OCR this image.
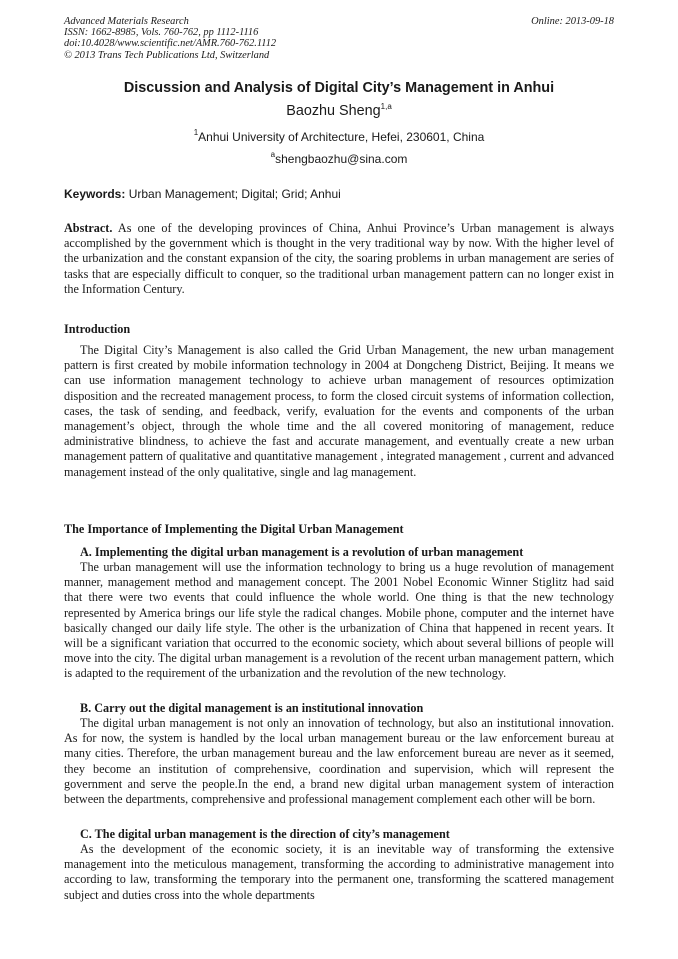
Advanced Materials Research
ISSN: 1662-8985, Vols. 760-762, pp 1112-1116
doi:10.4028/www.scientific.net/AMR.760-762.1112
© 2013 Trans Tech Publications Ltd, Switzerland
Online: 2013-09-18
Discussion and Analysis of Digital City’s Management in Anhui
Baozhu Sheng$^{1,a}$
$^1$Anhui University of Architecture, Hefei, 230601, China
$^a$shengbaozhu@sina.com
Keywords: Urban Management; Digital; Grid; Anhui

Abstract. As one of the developing provinces of China, Anhui Province’s Urban management is always accomplished by the government which is thought in the very traditional way by now. With the higher level of the urbanization and the constant expansion of the city, the soaring problems in urban management are series of tasks that are especially difficult to conquer, so the traditional urban management pattern can no longer exist in the Information Century.

Introduction

The Digital City’s Management is also called the Grid Urban Management, the new urban management pattern is first created by mobile information technology in 2004 at Dongcheng District, Beijing. It means we can use information management technology to achieve urban management of resources optimization disposition and the recreated management process, to form the closed circuit systems of information collection, cases, the task of sending, and feedback, verify, evaluation for the events and components of the urban management’s object, through the whole time and the all covered monitoring of management, reduce administrative blindness, to achieve the fast and accurate management, and eventually create a new urban management pattern of qualitative and quantitative management , integrated management , current and advanced management instead of the only qualitative, single and lag management.

The Importance of Implementing the Digital Urban Management
A. Implementing the digital urban management is a revolution of urban management

The urban management will use the information technology to bring us a huge revolution of management manner, management method and management concept. The 2001 Nobel Economic Winner Stiglitz had said that there were two events that could influence the whole world. One thing is that the new technology represented by America brings our life style the radical changes. Mobile phone, computer and the internet have basically changed our daily life style. The other is the urbanization of China that happened in recent years. It will be a significant variation that occurred to the economic society, which about several billions of people will move into the city. The digital urban management is a revolution of the recent urban management pattern, which is adapted to the requirement of the urbanization and the revolution of the new technology.

B. Carry out the digital management is an institutional innovation

The digital urban management is not only an innovation of technology, but also an institutional innovation. As for now, the system is handled by the local urban management bureau or the law enforcement bureau at many cities. Therefore, the urban management bureau and the law enforcement bureau are never as it seemed, they become an institution of comprehensive, coordination and supervision, which will represent the government and serve the people.In the end, a brand new digital urban management system of interaction between the departments, comprehensive and professional management complement each other will be born.

C. The digital urban management is the direction of city’s management

As the development of the economic society, it is an inevitable way of transforming the extensive management into the meticulous management, transforming the according to administrative management into according to law, transforming the temporary into the permanent one, transforming the scattered management subject and duties cross into the whole departments
